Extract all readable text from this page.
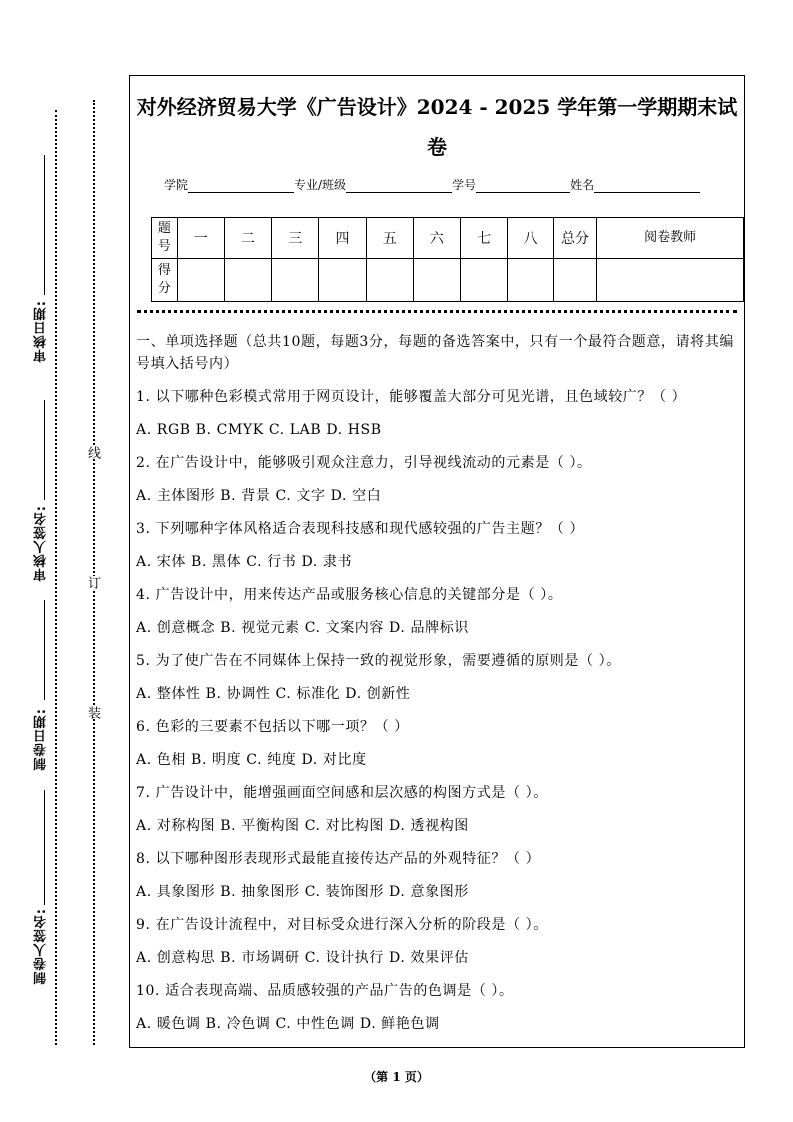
审核日期:
审核人签名:
制卷日期:
制卷人签名:
线
订
装
对外经济贸易大学《广告设计》2024 - 2025 学年第一学期期末试
卷
学院	专业/班级	学号	姓名
题号	一	二	三	四	五	六	七	八	总分	阅卷教师
得分										
一、单项选择题（总共10题，每题3分，每题的备选答案中，只有一个最符合题意，请将其编号填入括号内）
1. 以下哪种色彩模式常用于网页设计，能够覆盖大部分可见光谱，且色域较广？（ ）
A. RGB B. CMYK C. LAB D. HSB
2. 在广告设计中，能够吸引观众注意力，引导视线流动的元素是（ ）。
A. 主体图形 B. 背景 C. 文字 D. 空白
3. 下列哪种字体风格适合表现科技感和现代感较强的广告主题？（ ）
A. 宋体 B. 黑体 C. 行书 D. 隶书
4. 广告设计中，用来传达产品或服务核心信息的关键部分是（ ）。
A. 创意概念 B. 视觉元素 C. 文案内容 D. 品牌标识
5. 为了使广告在不同媒体上保持一致的视觉形象，需要遵循的原则是（ ）。
A. 整体性 B. 协调性 C. 标准化 D. 创新性
6. 色彩的三要素不包括以下哪一项？（ ）
A. 色相 B. 明度 C. 纯度 D. 对比度
7. 广告设计中，能增强画面空间感和层次感的构图方式是（ ）。
A. 对称构图 B. 平衡构图 C. 对比构图 D. 透视构图
8. 以下哪种图形表现形式最能直接传达产品的外观特征？（ ）
A. 具象图形 B. 抽象图形 C. 装饰图形 D. 意象图形
9. 在广告设计流程中，对目标受众进行深入分析的阶段是（ ）。
A. 创意构思 B. 市场调研 C. 设计执行 D. 效果评估
10. 适合表现高端、品质感较强的产品广告的色调是（ ）。
A. 暖色调 B. 冷色调 C. 中性色调 D. 鲜艳色调
（第 1 页）
